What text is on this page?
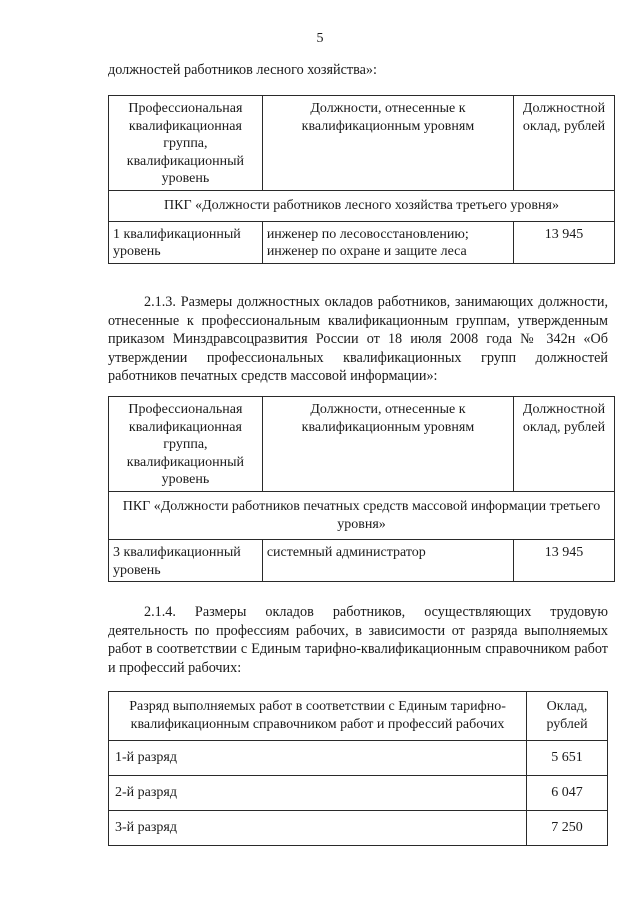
5
должностей работников лесного хозяйства»:
Профессиональная квалификационная группа, квалификационный уровень	Должности, отнесенные к квалификационным уровням	Должностной оклад, рублей
ПКГ «Должности работников лесного хозяйства третьего уровня»		
1 квалификационный уровень	инженер по лесовосстановлению; инженер по охране и защите леса	13 945
2.1.3. Размеры должностных окладов работников, занимающих должности, отнесенные к профессиональным квалификационным группам, утвержденным приказом Минздравсоцразвития России от 18 июля 2008 года № 342н «Об утверждении профессиональных квалификационных групп должностей работников печатных средств массовой информации»:
Профессиональная квалификационная группа, квалификационный уровень	Должности, отнесенные к квалификационным уровням	Должностной оклад, рублей
ПКГ «Должности работников печатных средств массовой информации третьего уровня»		
3 квалификационный уровень	системный администратор	13 945
2.1.4. Размеры окладов работников, осуществляющих трудовую деятельность по профессиям рабочих, в зависимости от разряда выполняемых работ в соответствии с Единым тарифно-квалификационным справочником работ и профессий рабочих:
Разряд выполняемых работ в соответствии с Единым тарифно-квалификационным справочником работ и профессий рабочих	Оклад, рублей
1-й разряд	5 651
2-й разряд	6 047
3-й разряд	7 250
